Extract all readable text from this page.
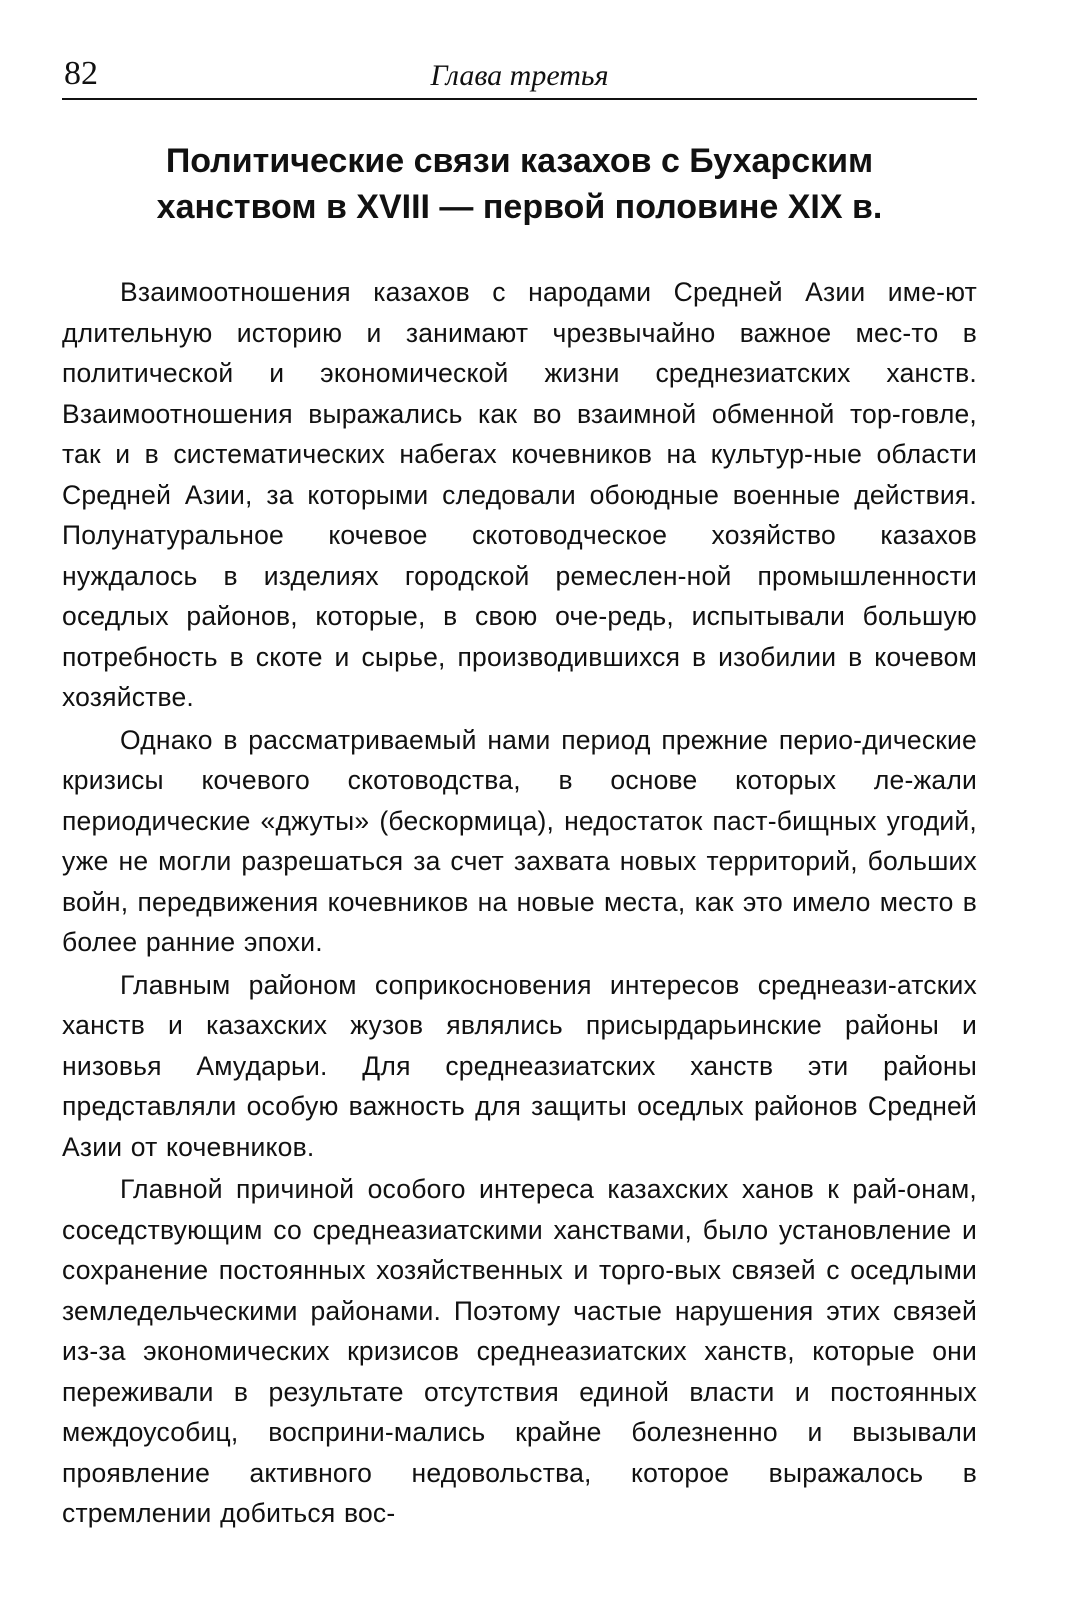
82	Глава третья
Политические связи казахов с Бухарским
ханством в XVIII — первой половине XIX в.

Взаимоотношения казахов с народами Средней Азии име-ют длительную историю и занимают чрезвычайно важное мес-то в политической и экономической жизни среднезиатских ханств. Взаимоотношения выражались как во взаимной обменной тор-говле, так и в систематических набегах кочевников на культур-ные области Средней Азии, за которыми следовали обоюдные военные действия. Полунатуральное кочевое скотоводческое хозяйство казахов нуждалось в изделиях городской ремеслен-ной промышленности оседлых районов, которые, в свою оче-редь, испытывали большую потребность в скоте и сырье, производившихся в изобилии в кочевом хозяйстве.

Однако в рассматриваемый нами период прежние перио-дические кризисы кочевого скотоводства, в основе которых ле-жали периодические «джуты» (бескормица), недостаток паст-бищных угодий, уже не могли разрешаться за счет захвата новых территорий, больших войн, передвижения кочевников на новые места, как это имело место в более ранние эпохи.

Главным районом соприкосновения интересов среднеази-атских ханств и казахских жузов являлись присырдарьинские районы и низовья Амударьи. Для среднеазиатских ханств эти районы представляли особую важность для защиты оседлых районов Средней Азии от кочевников.

Главной причиной особого интереса казахских ханов к рай-онам, соседствующим со среднеазиатскими ханствами, было установление и сохранение постоянных хозяйственных и торго-вых связей с оседлыми земледельческими районами. Поэтому частые нарушения этих связей из-за экономических кризисов среднеазиатских ханств, которые они переживали в результате отсутствия единой власти и постоянных междоусобиц, восприни-мались крайне болезненно и вызывали проявление активного недовольства, которое выражалось в стремлении добиться вос-
